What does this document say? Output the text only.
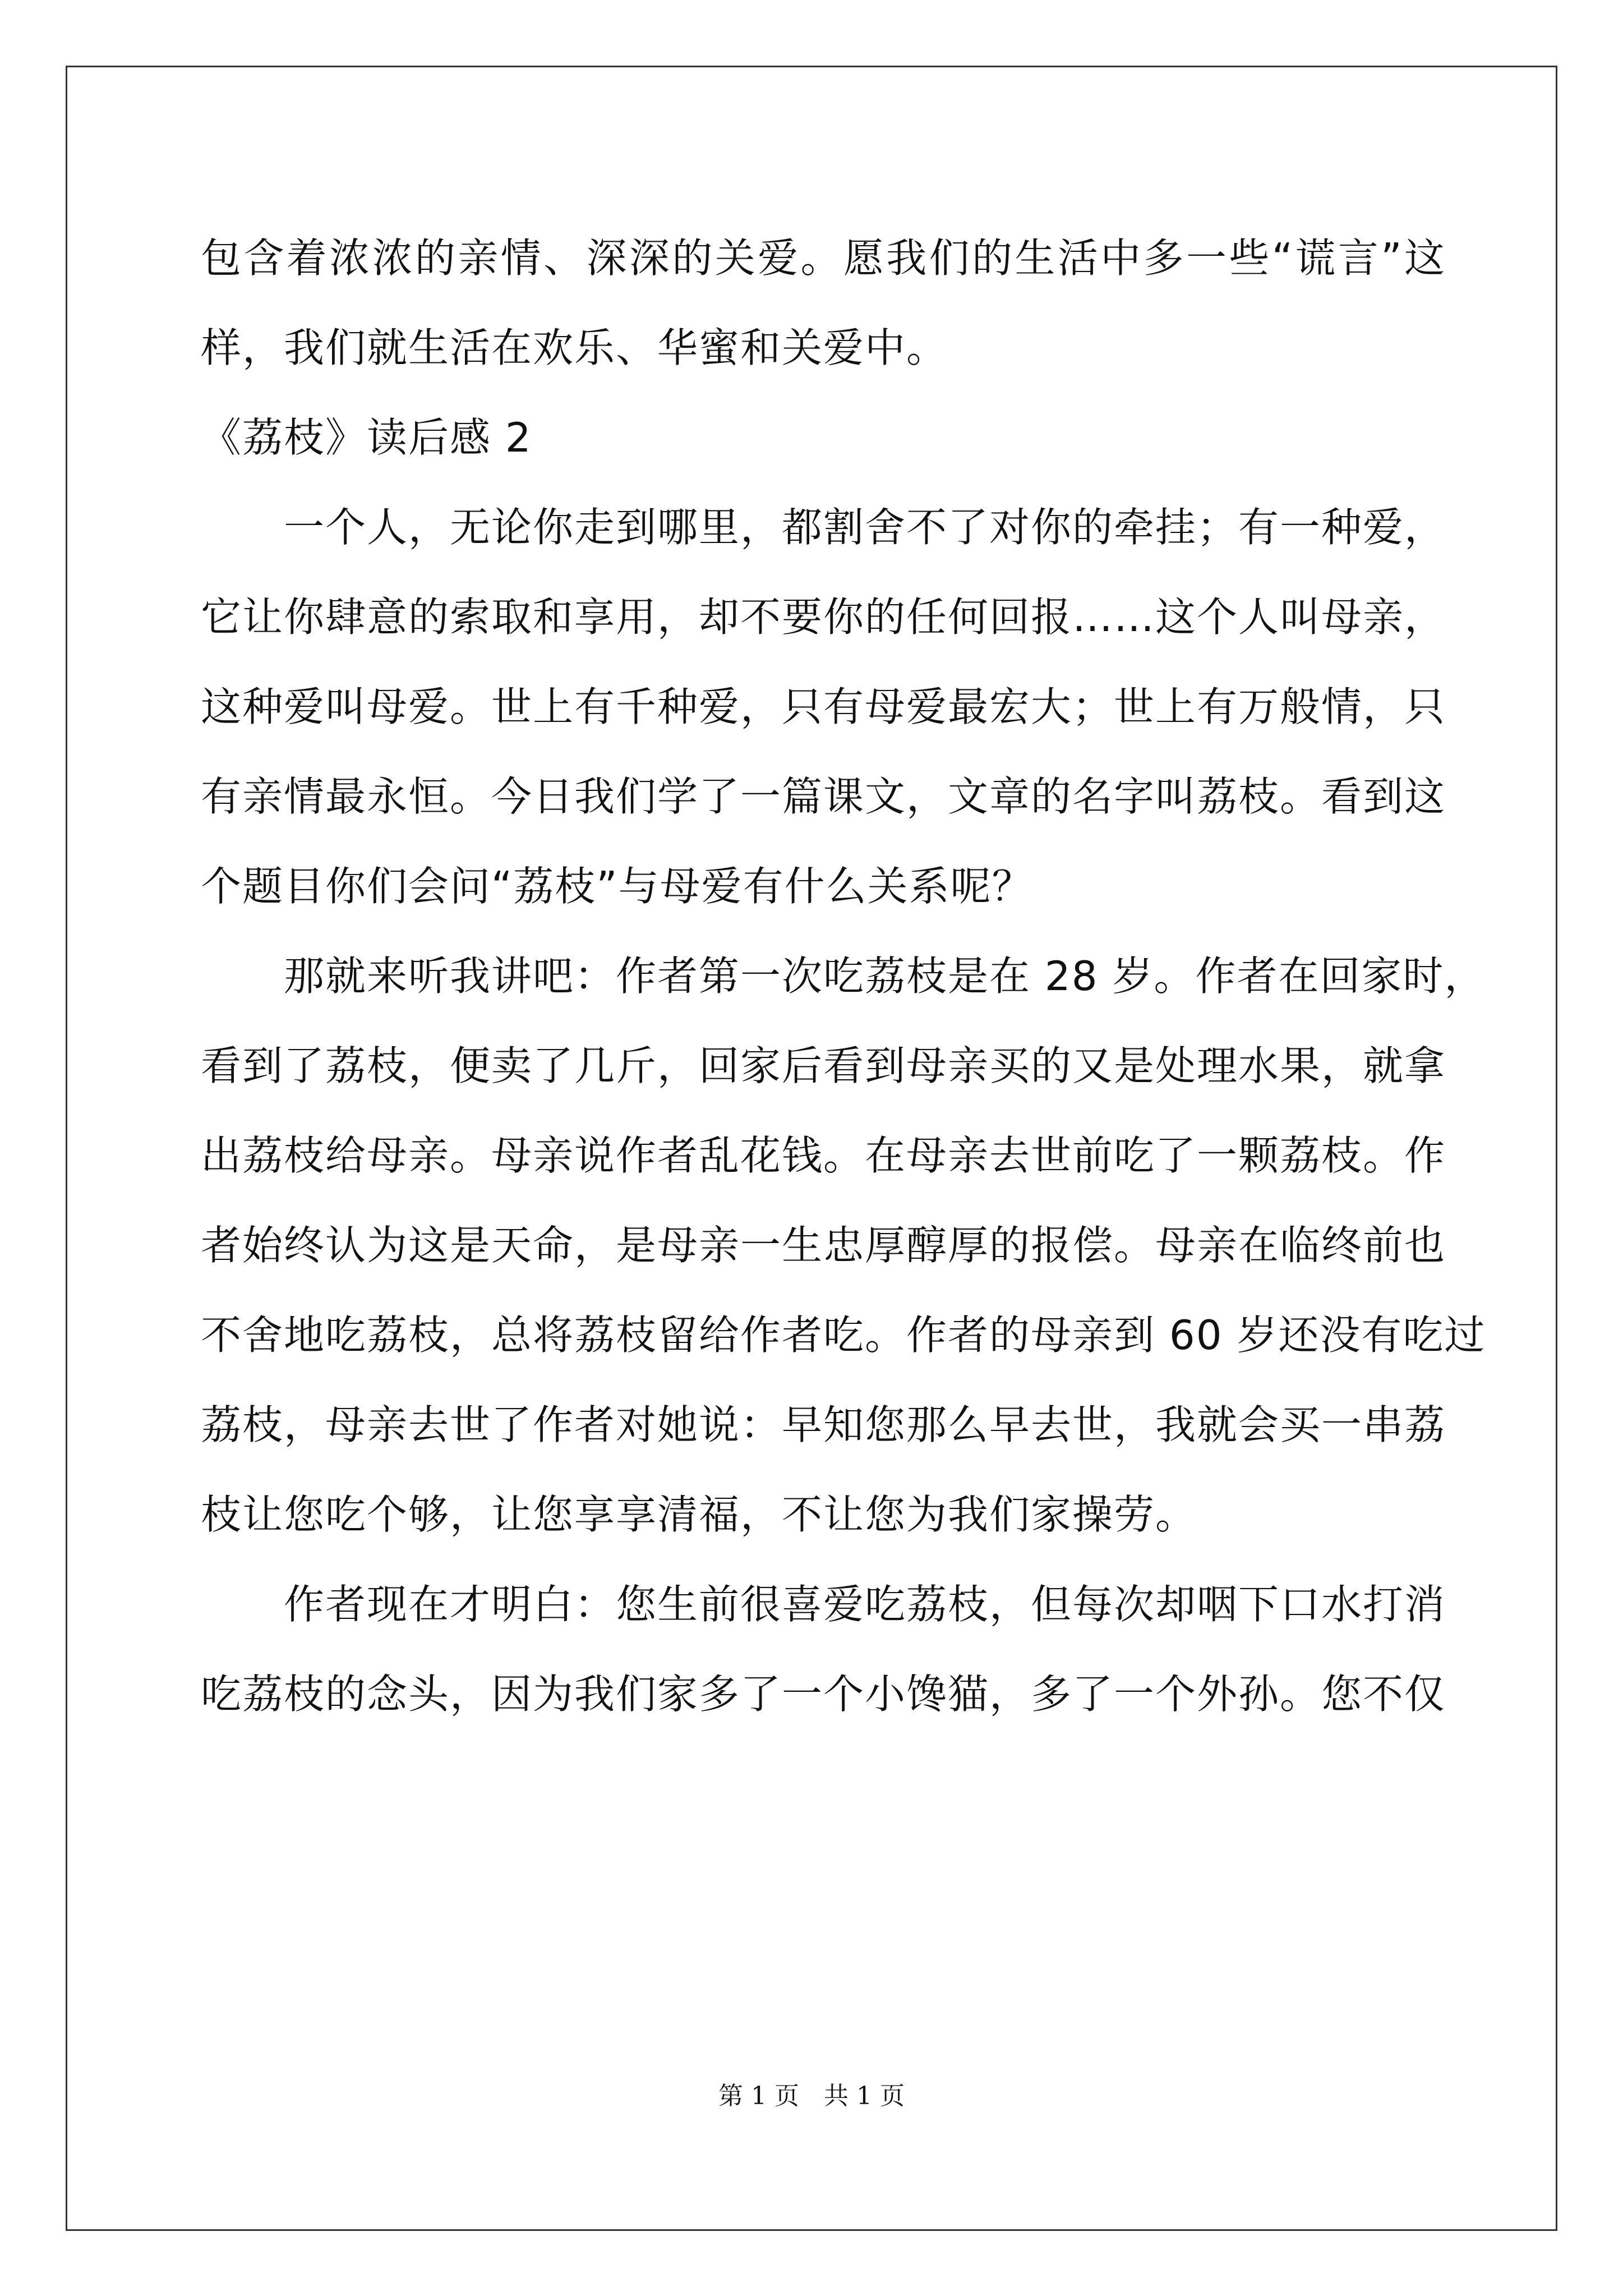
包含着浓浓的亲情、深深的关爱。愿我们的生活中多一些“谎言”这
样，我们就生活在欢乐、华蜜和关爱中。
《荔枝》读后感 2
　　一个人，无论你走到哪里，都割舍不了对你的牵挂；有一种爱，
它让你肆意的索取和享用，却不要你的任何回报……这个人叫母亲，
这种爱叫母爱。世上有千种爱，只有母爱最宏大；世上有万般情，只
有亲情最永恒。今日我们学了一篇课文，文章的名字叫荔枝。看到这
个题目你们会问“荔枝”与母爱有什么关系呢？
　　那就来听我讲吧：作者第一次吃荔枝是在 28 岁。作者在回家时，
看到了荔枝，便卖了几斤，回家后看到母亲买的又是处理水果，就拿
出荔枝给母亲。母亲说作者乱花钱。在母亲去世前吃了一颗荔枝。作
者始终认为这是天命，是母亲一生忠厚醇厚的报偿。母亲在临终前也
不舍地吃荔枝，总将荔枝留给作者吃。作者的母亲到 60 岁还没有吃过
荔枝，母亲去世了作者对她说：早知您那么早去世，我就会买一串荔
枝让您吃个够，让您享享清福，不让您为我们家操劳。
　　作者现在才明白：您生前很喜爱吃荔枝，但每次却咽下口水打消
吃荔枝的念头，因为我们家多了一个小馋猫，多了一个外孙。您不仅
第 1 页　共 1 页
